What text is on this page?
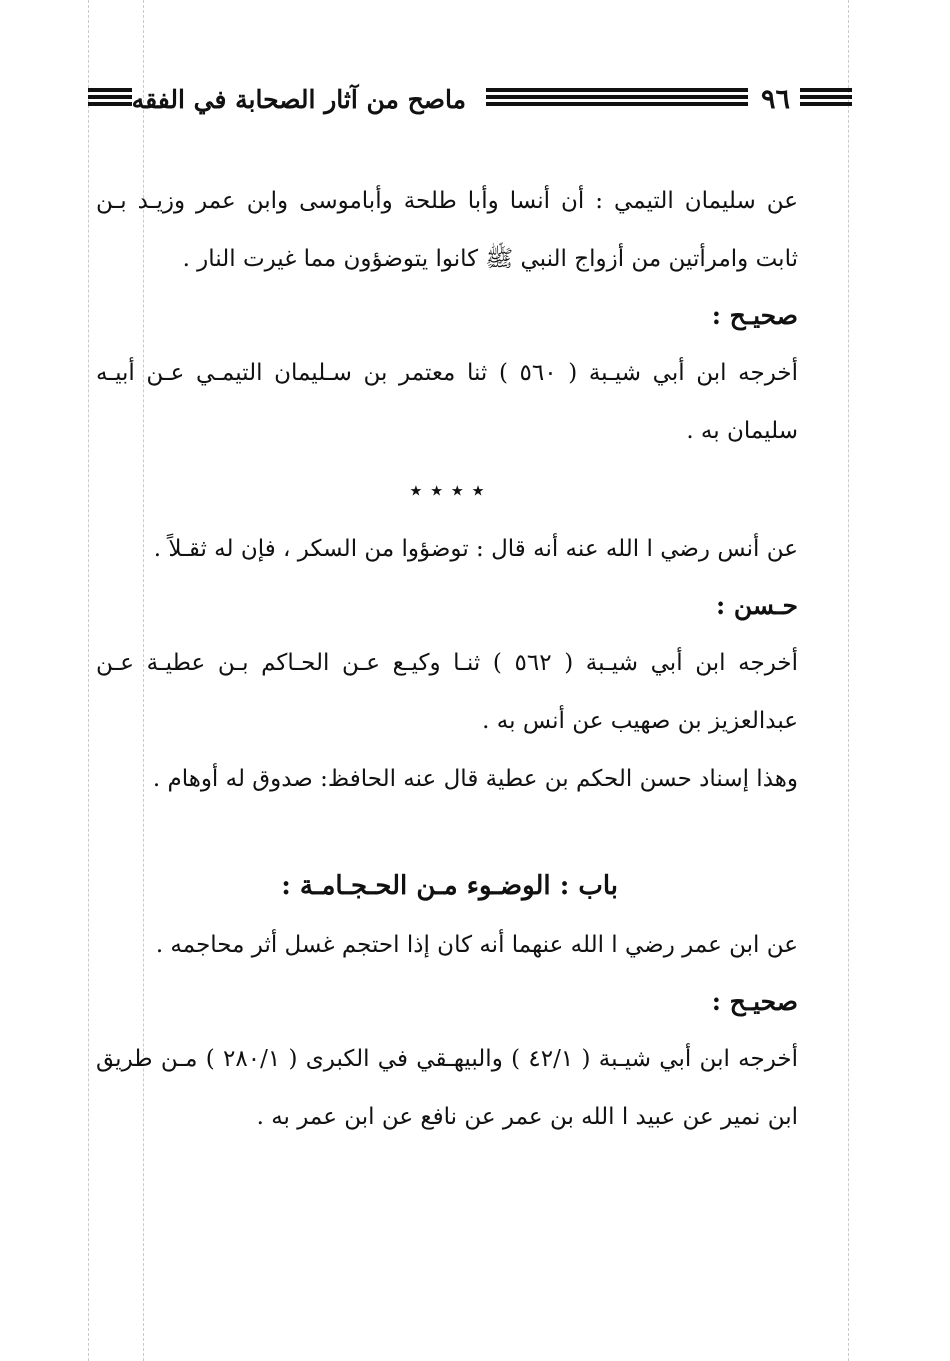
٩٦
ماصح من آثار الصحابة في الفقه

عن سليمان التيمي : أن أنسا وأبا طلحة وأباموسى وابن عمر وزيـد بـن ثابت وامرأتين من أزواج النبي ﷺ كانوا يتوضؤون مما غيرت النار .

صحيـح :

أخرجه ابن أبي شيـبة ( ٥٦٠ ) ثنا معتمر بن سـليمان التيمـي عـن أبيـه سليمان به .

٭ ٭ ٭ ٭

عن أنس رضي ا الله عنه أنه قال : توضؤوا من السكر ، فإن له ثقـلاً .

حـسن :

أخرجه ابن أبي شيـبة ( ٥٦٢ ) ثنـا وكيـع عـن الحـاكم بـن عطيـة عـن عبدالعزيز بن صهيب عن أنس به .

وهذا إسناد حسن الحكم بن عطية قال عنه الحافظ: صدوق له أوهام .

باب : الوضـوء مـن الحـجـامـة :

عن ابن عمر رضي ا الله عنهما أنه كان إذا احتجم غسل أثر محاجمه .

صحيـح :

أخرجه ابن أبي شيـبة ( ٤٢/١ ) والبيهـقي في الكبرى ( ٢٨٠/١ ) مـن طريق ابن نمير عن عبيد ا الله بن عمر عن نافع عن ابن عمر به .
